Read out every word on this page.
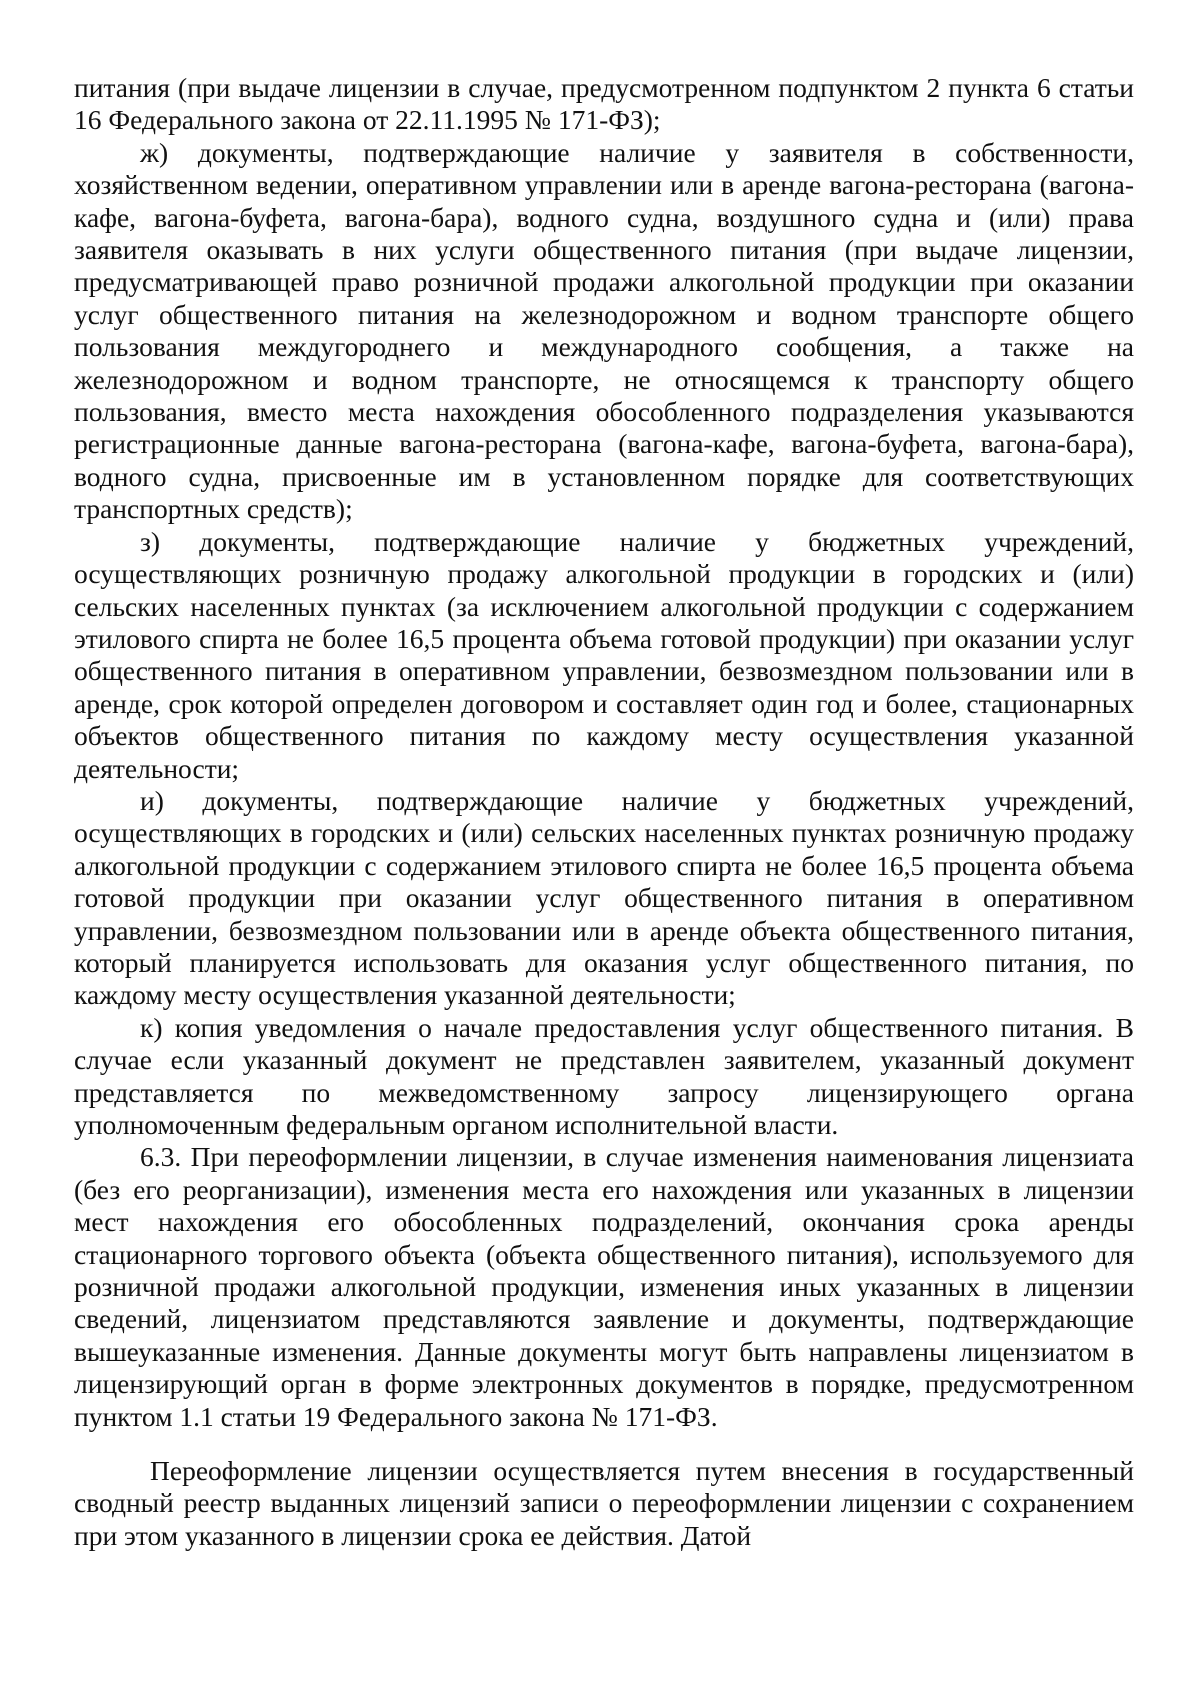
питания (при выдаче лицензии в случае, предусмотренном подпунктом 2 пункта 6 статьи 16 Федерального закона от 22.11.1995 № 171-ФЗ);

ж) документы, подтверждающие наличие у заявителя в собственности, хозяйственном ведении, оперативном управлении или в аренде вагона-ресторана (вагона-кафе, вагона-буфета, вагона-бара), водного судна, воздушного судна и (или) права заявителя оказывать в них услуги общественного питания (при выдаче лицензии, предусматривающей право розничной продажи алкогольной продукции при оказании услуг общественного питания на железнодорожном и водном транспорте общего пользования междугороднего и международного сообщения, а также на железнодорожном и водном транспорте, не относящемся к транспорту общего пользования, вместо места нахождения обособленного подразделения указываются регистрационные данные вагона-ресторана (вагона-кафе, вагона-буфета, вагона-бара), водного судна, присвоенные им в установленном порядке для соответствующих транспортных средств);

з) документы, подтверждающие наличие у бюджетных учреждений, осуществляющих розничную продажу алкогольной продукции в городских и (или) сельских населенных пунктах (за исключением алкогольной продукции с содержанием этилового спирта не более 16,5 процента объема готовой продукции) при оказании услуг общественного питания в оперативном управлении, безвозмездном пользовании или в аренде, срок которой определен договором и составляет один год и более, стационарных объектов общественного питания по каждому месту осуществления указанной деятельности;

и) документы, подтверждающие наличие у бюджетных учреждений, осуществляющих в городских и (или) сельских населенных пунктах розничную продажу алкогольной продукции с содержанием этилового спирта не более 16,5 процента объема готовой продукции при оказании услуг общественного питания в оперативном управлении, безвозмездном пользовании или в аренде объекта общественного питания, который планируется использовать для оказания услуг общественного питания, по каждому месту осуществления указанной деятельности;

к) копия уведомления о начале предоставления услуг общественного питания. В случае если указанный документ не представлен заявителем, указанный документ представляется по межведомственному запросу лицензирующего органа уполномоченным федеральным органом исполнительной власти.

6.3. При переоформлении лицензии, в случае изменения наименования лицензиата (без его реорганизации), изменения места его нахождения или указанных в лицензии мест нахождения его обособленных подразделений, окончания срока аренды стационарного торгового объекта (объекта общественного питания), используемого для розничной продажи алкогольной продукции, изменения иных указанных в лицензии сведений, лицензиатом представляются заявление и документы, подтверждающие вышеуказанные изменения. Данные документы могут быть направлены лицензиатом в лицензирующий орган в форме электронных документов в порядке, предусмотренном пунктом 1.1 статьи 19 Федерального закона № 171-ФЗ.

Переоформление лицензии осуществляется путем внесения в государственный сводный реестр выданных лицензий записи о переоформлении лицензии с сохранением при этом указанного в лицензии срока ее действия. Датой
